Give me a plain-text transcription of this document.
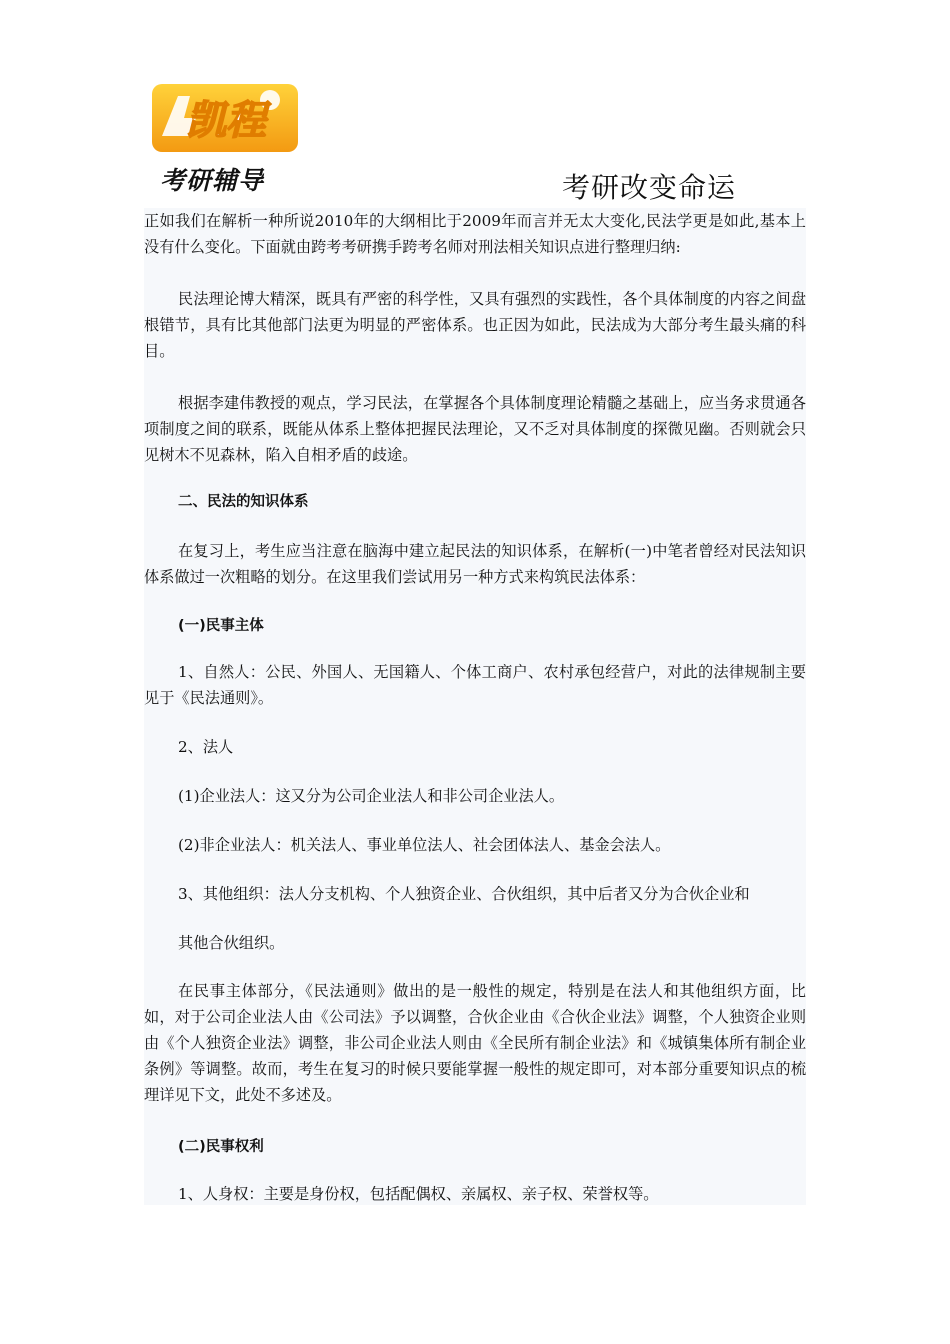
凯程
考研辅导	考研改变命运
正如我们在解析一种所说2010年的大纲相比于2009年而言并无太大变化,民法学更是如此,基本上没有什么变化。下面就由跨考考研携手跨考名师对刑法相关知识点进行整理归纳:
民法理论博大精深，既具有严密的科学性，又具有强烈的实践性，各个具体制度的内容之间盘根错节，具有比其他部门法更为明显的严密体系。也正因为如此，民法成为大部分考生最头痛的科目。
根据李建伟教授的观点，学习民法，在掌握各个具体制度理论精髓之基础上，应当务求贯通各项制度之间的联系，既能从体系上整体把握民法理论，又不乏对具体制度的探微见幽。否则就会只见树木不见森林，陷入自相矛盾的歧途。
二、民法的知识体系
在复习上，考生应当注意在脑海中建立起民法的知识体系，在解析(一)中笔者曾经对民法知识体系做过一次粗略的划分。在这里我们尝试用另一种方式来构筑民法体系：
(一)民事主体
1、自然人：公民、外国人、无国籍人、个体工商户、农村承包经营户，对此的法律规制主要见于《民法通则》。
2、法人
(1)企业法人：这又分为公司企业法人和非公司企业法人。
(2)非企业法人：机关法人、事业单位法人、社会团体法人、基金会法人。
3、其他组织：法人分支机构、个人独资企业、合伙组织，其中后者又分为合伙企业和
其他合伙组织。
在民事主体部分，《民法通则》做出的是一般性的规定，特别是在法人和其他组织方面，比如，对于公司企业法人由《公司法》予以调整，合伙企业由《合伙企业法》调整，个人独资企业则由《个人独资企业法》调整，非公司企业法人则由《全民所有制企业法》和《城镇集体所有制企业条例》等调整。故而，考生在复习的时候只要能掌握一般性的规定即可，对本部分重要知识点的梳理详见下文，此处不多述及。
(二)民事权利
1、人身权：主要是身份权，包括配偶权、亲属权、亲子权、荣誉权等。
